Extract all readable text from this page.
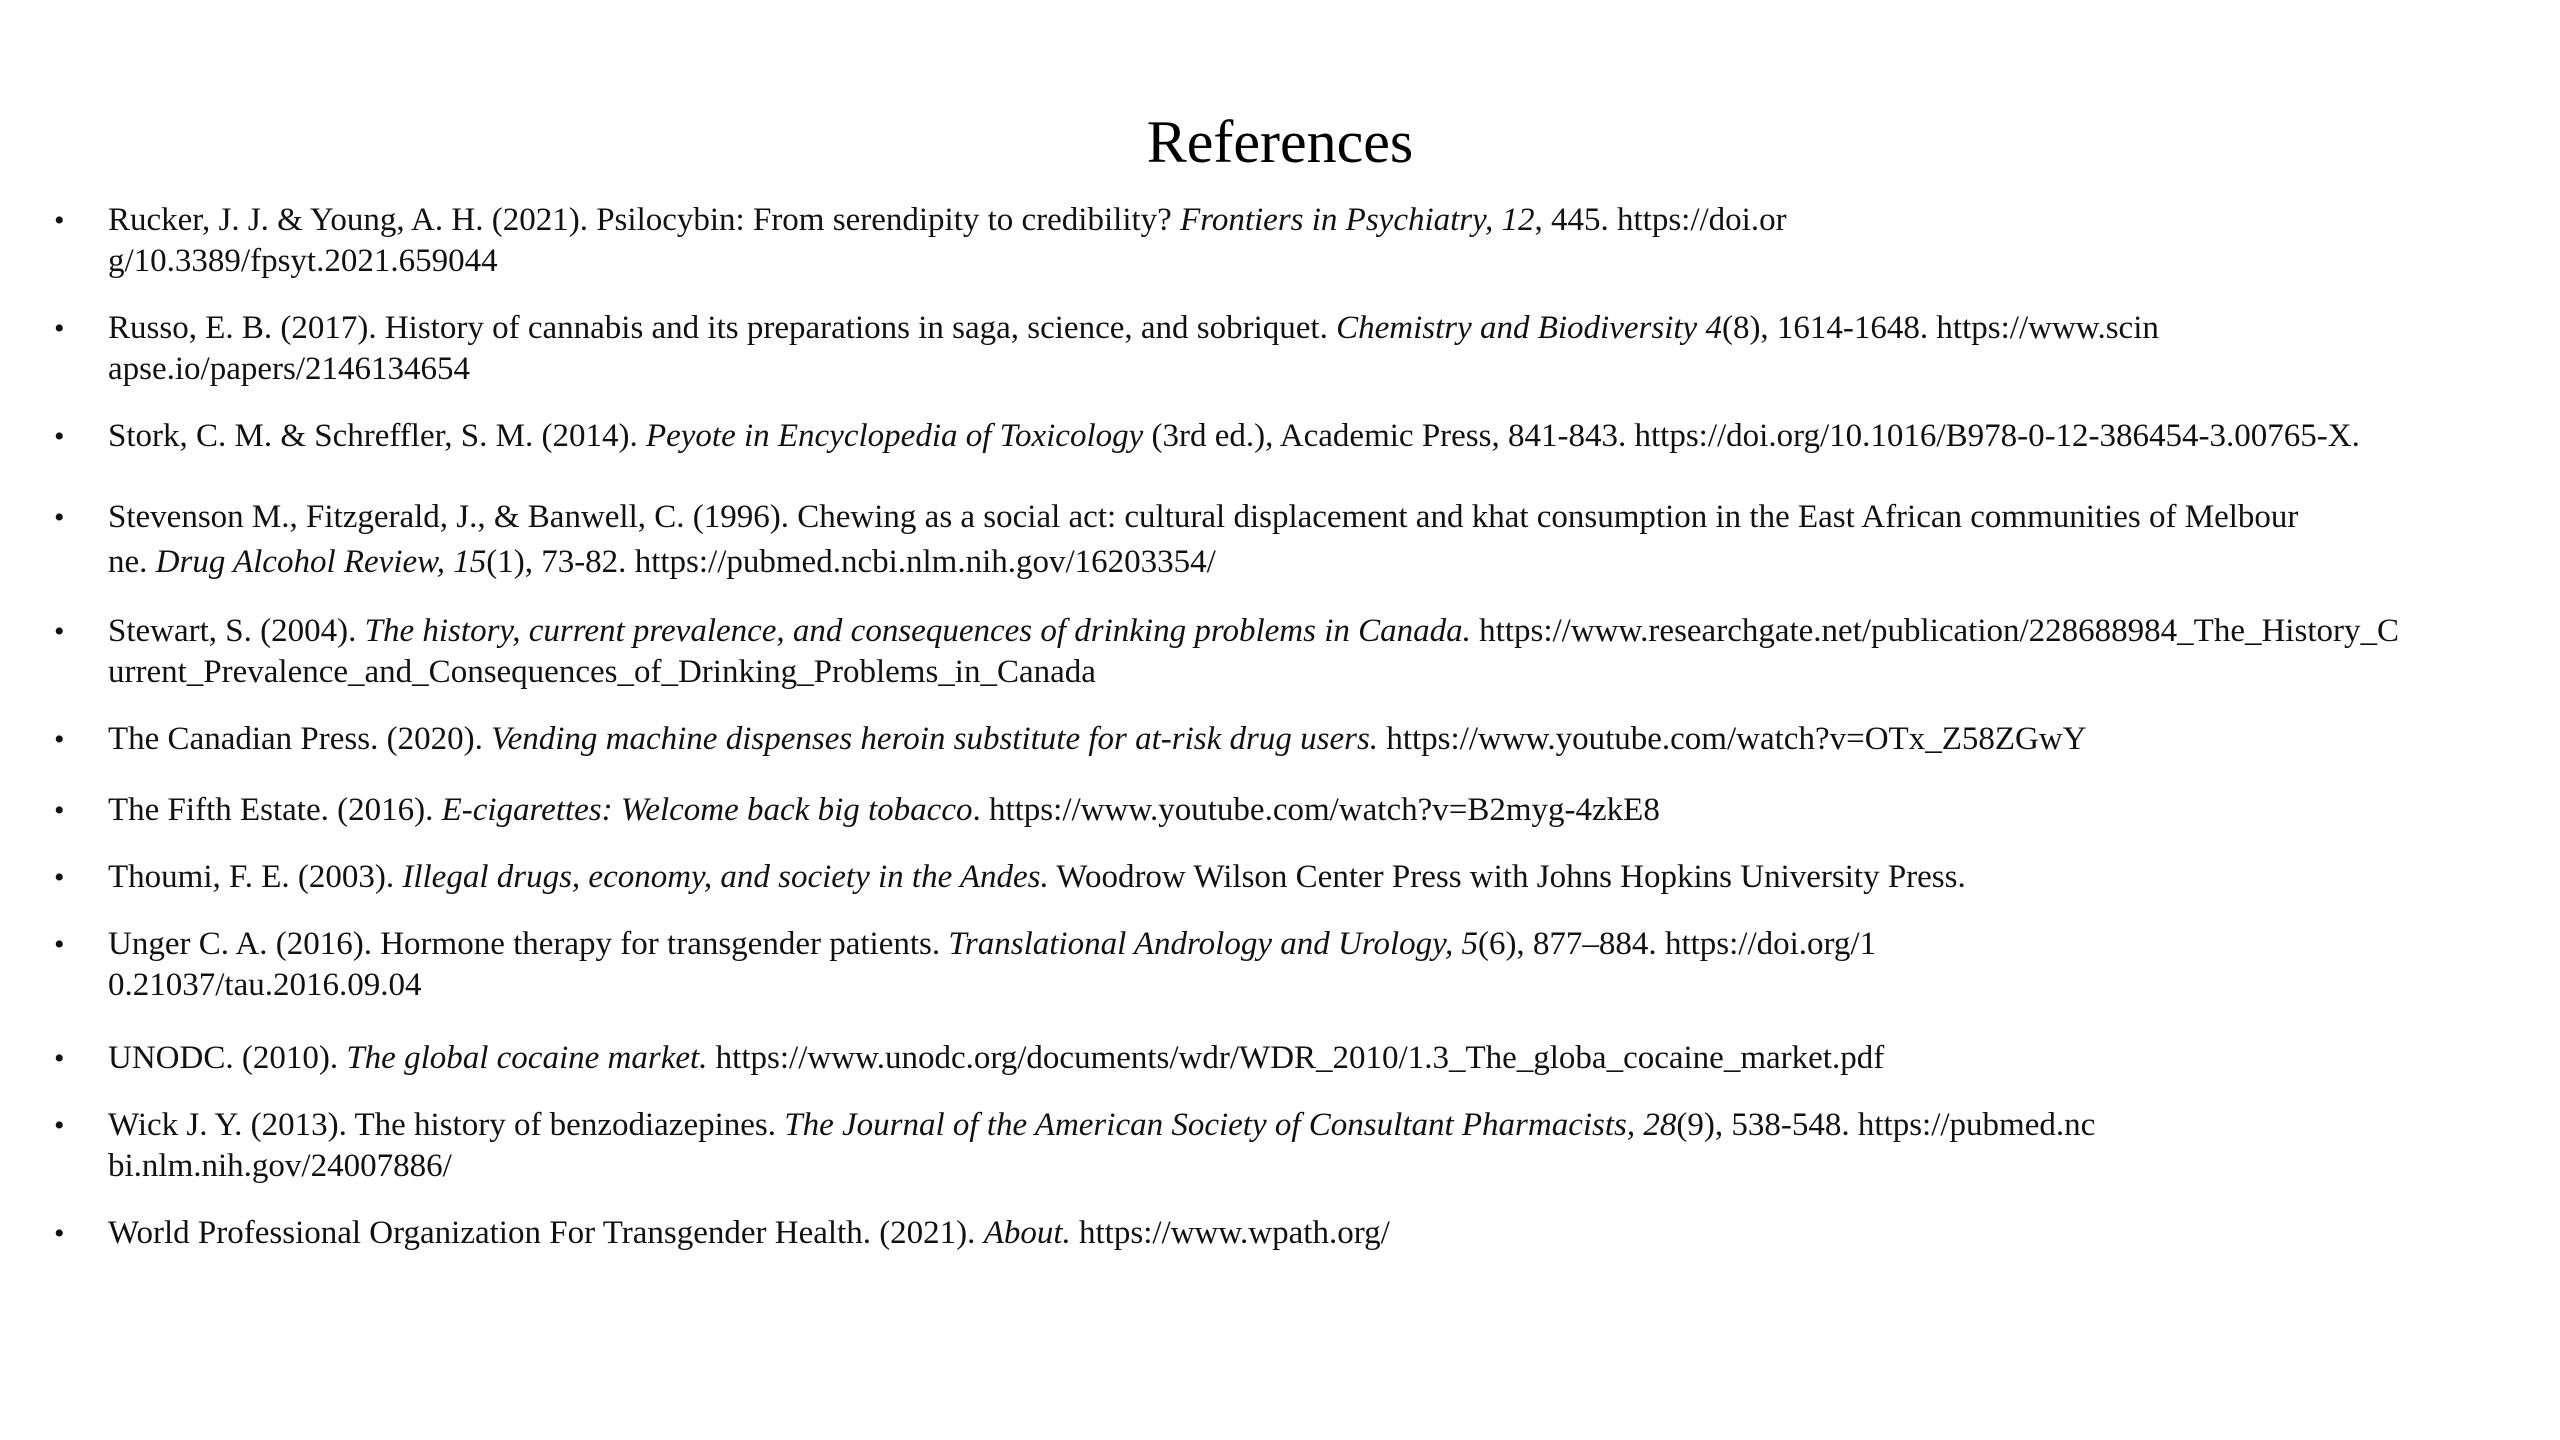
References
• Rucker, J. J. & Young, A. H. (2021). Psilocybin: From serendipity to credibility? Frontiers in Psychiatry, 12, 445. https://doi.org/10.3389/fpsyt.2021.659044
• Russo, E. B. (2017). History of cannabis and its preparations in saga, science, and sobriquet. Chemistry and Biodiversity 4(8), 1614-1648. https://www.scinapse.io/papers/2146134654
• Stork, C. M. & Schreffler, S. M. (2014). Peyote in Encyclopedia of Toxicology (3rd ed.), Academic Press, 841-843. https://doi.org/10.1016/B978-0-12-386454-3.00765-X.
• Stevenson M., Fitzgerald, J., & Banwell, C. (1996). Chewing as a social act: cultural displacement and khat consumption in the East African communities of Melbourne. Drug Alcohol Review, 15(1), 73-82. https://pubmed.ncbi.nlm.nih.gov/16203354/
• Stewart, S. (2004). The history, current prevalence, and consequences of drinking problems in Canada. https://www.researchgate.net/publication/228688984_The_History_Current_Prevalence_and_Consequences_of_Drinking_Problems_in_Canada
• The Canadian Press. (2020). Vending machine dispenses heroin substitute for at-risk drug users. https://www.youtube.com/watch?v=OTx_Z58ZGwY
• The Fifth Estate. (2016). E-cigarettes: Welcome back big tobacco. https://www.youtube.com/watch?v=B2myg-4zkE8
• Thoumi, F. E. (2003). Illegal drugs, economy, and society in the Andes. Woodrow Wilson Center Press with Johns Hopkins University Press.
• Unger C. A. (2016). Hormone therapy for transgender patients. Translational Andrology and Urology, 5(6), 877–884. https://doi.org/10.21037/tau.2016.09.04
• UNODC. (2010). The global cocaine market. https://www.unodc.org/documents/wdr/WDR_2010/1.3_The_globa_cocaine_market.pdf
• Wick J. Y. (2013). The history of benzodiazepines. The Journal of the American Society of Consultant Pharmacists, 28(9), 538-548. https://pubmed.ncbi.nlm.nih.gov/24007886/
• World Professional Organization For Transgender Health. (2021). About. https://www.wpath.org/
